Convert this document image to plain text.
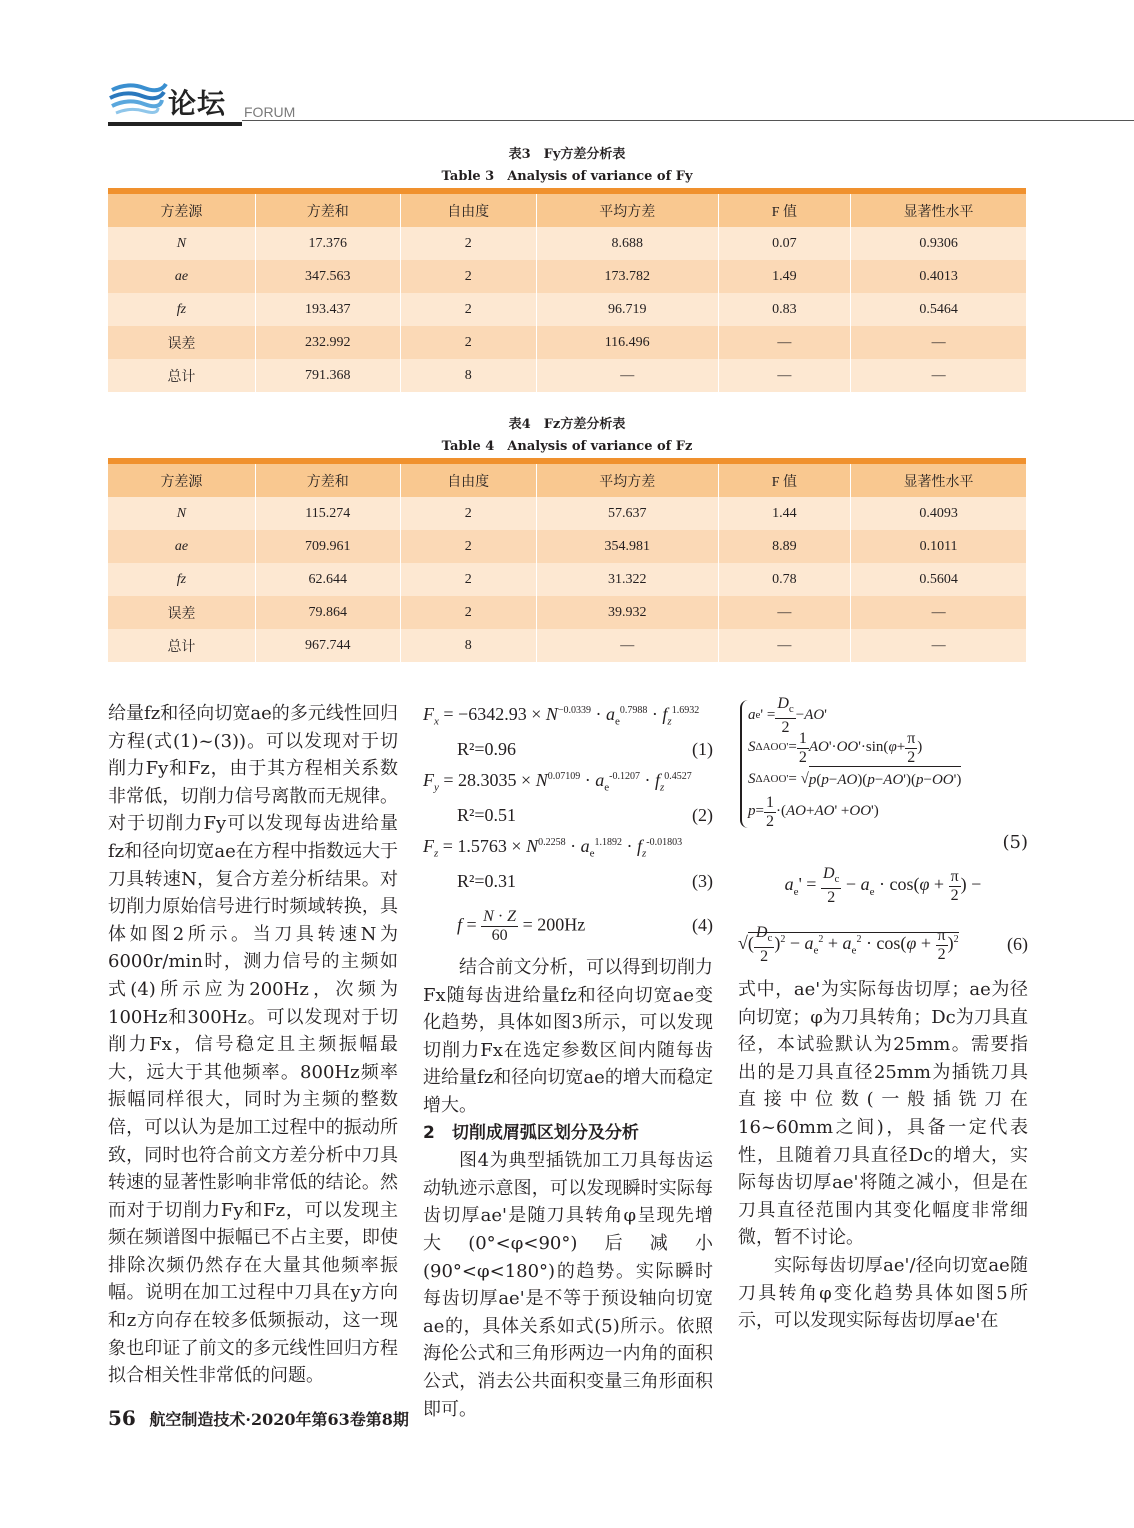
论坛 FORUM
表3　Fy方差分析表
Table 3　Analysis of variance of Fy
方差源	方差和	自由度	平均方差	F 值	显著性水平
N	17.376	2	8.688	0.07	0.9306
ae	347.563	2	173.782	1.49	0.4013
fz	193.437	2	96.719	0.83	0.5464
误差	232.992	2	116.496	—	—
总计	791.368	8	—	—	—
表4　Fz方差分析表
Table 4　Analysis of variance of Fz
方差源	方差和	自由度	平均方差	F 值	显著性水平
N	115.274	2	57.637	1.44	0.4093
ae	709.961	2	354.981	8.89	0.1011
fz	62.644	2	31.322	0.78	0.5604
误差	79.864	2	39.932	—	—
总计	967.744	8	—	—	—

给量fz和径向切宽ae的多元线性回归方程(式(1)~(3))。可以发现对于切削力Fy和Fz，由于其方程相关系数非常低，切削力信号离散而无规律。对于切削力Fy可以发现每齿进给量fz和径向切宽ae在方程中指数远大于刀具转速N，复合方差分析结果。对切削力原始信号进行时频域转换，具体如图2所示。当刀具转速N为6000r/min时，测力信号的主频如式(4)所示应为200Hz，次频为100Hz和300Hz。可以发现对于切削力Fx，信号稳定且主频振幅最大，远大于其他频率。800Hz频率振幅同样很大，同时为主频的整数倍，可以认为是加工过程中的振动所致，同时也符合前文方差分析中刀具转速的显著性影响非常低的结论。然而对于切削力Fy和Fz，可以发现主频在频谱图中振幅已不占主要，即使排除次频仍然存在大量其他频率振幅。说明在加工过程中刀具在y方向和z方向存在较多低频振动，这一现象也印证了前文的多元线性回归方程拟合相关性非常低的问题。

$F_x = -6342.93 \times N^{-0.0339} \cdot a_e^{0.7988} \cdot f_z^{1.6932}$
R²=0.96	(1)
$F_y = 28.3035 \times N^{0.07109} \cdot a_e^{-0.1207} \cdot f_z^{0.4527}$
R²=0.51	(2)
$F_z = 1.5763 \times N^{0.2258} \cdot a_e^{1.1892} \cdot f_z^{-0.01803}$
R²=0.31	(3)
$f = \frac{N \cdot Z}{60} = 200Hz$	(4)

结合前文分析，可以得到切削力Fx随每齿进给量fz和径向切宽ae变化趋势，具体如图3所示，可以发现切削力Fx在选定参数区间内随每齿进给量fz和径向切宽ae的增大而稳定增大。

2　切削成屑弧区划分及分析

图4为典型插铣加工刀具每齿运动轨迹示意图，可以发现瞬时实际每齿切厚ae'是随刀具转角φ呈现先增大(0°<φ<90°)后减小(90°<φ<180°)的趋势。实际瞬时每齿切厚ae'是不等于预设轴向切宽ae的，具体关系如式(5)所示。依照海伦公式和三角形两边一内角的面积公式，消去公共面积变量三角形面积即可。

a e ' = $\frac{D_c}{2}$ − AO '
S $\Delta AOO' = \frac{1}{2}$ AO '· OO '·sin( $\varphi + \frac{\pi}{2}$ )
S ΔAOO' = √ p(p−AO)(p−AO')(p−OO')
$p = \frac{1}{2}$ ·( AO + AO ' + OO ')
(5)
$a_e' = \frac{D_c}{2} - a_e \cdot \cos(\varphi + \frac{\pi}{2}$ ) −
√( $\frac{D_c}{2} )^2 - a_e^2 + a_e^2 \cdot \cos(\varphi + \frac{\pi}{2} )^2$	(6)

式中，ae'为实际每齿切厚；ae为径向切宽；φ为刀具转角；Dc为刀具直径，本试验默认为25mm。需要指出的是刀具直径25mm为插铣刀具直接中位数(一般插铣刀在16~60mm之间)，具备一定代表性，且随着刀具直径Dc的增大，实际每齿切厚ae'将随之减小，但是在刀具直径范围内其变化幅度非常细微，暂不讨论。

实际每齿切厚ae'/径向切宽ae随刀具转角φ变化趋势具体如图5所示，可以发现实际每齿切厚ae'在

56 航空制造技术·2020年第63卷第8期
